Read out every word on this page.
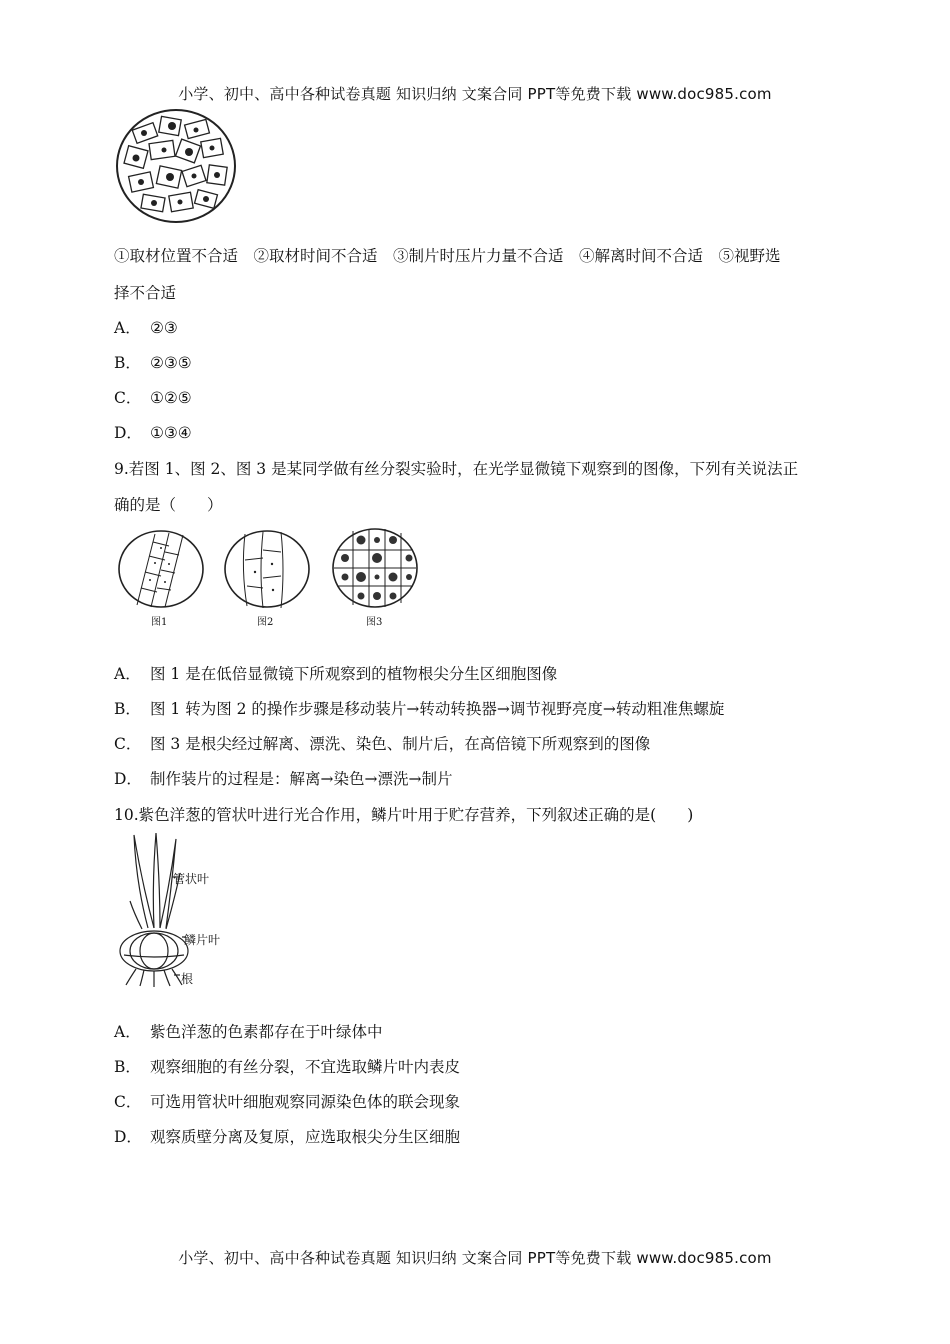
小学、初中、高中各种试卷真题 知识归纳 文案合同 PPT等免费下载 www.doc985.com
①取材位置不合适　②取材时间不合适　③制片时压片力量不合适　④解离时间不合适　⑤视野选
择不合适
A． ②③
B． ②③⑤
C． ①②⑤
D． ①③④
9.若图 1、图 2、图 3 是某同学做有丝分裂实验时，在光学显微镜下观察到的图像，下列有关说法正
确的是（　　）
图1	图2	图3
A． 图 1 是在低倍显微镜下所观察到的植物根尖分生区细胞图像
B． 图 1 转为图 2 的操作步骤是移动装片→转动转换器→调节视野亮度→转动粗准焦螺旋
C． 图 3 是根尖经过解离、漂洗、染色、制片后，在高倍镜下所观察到的图像
D． 制作装片的过程是：解离→染色→漂洗→制片
10.紫色洋葱的管状叶进行光合作用，鳞片叶用于贮存营养，下列叙述正确的是(　　)
管状叶
鳞片叶
根
A． 紫色洋葱的色素都存在于叶绿体中
B． 观察细胞的有丝分裂，不宜选取鳞片叶内表皮
C． 可选用管状叶细胞观察同源染色体的联会现象
D． 观察质壁分离及复原，应选取根尖分生区细胞
小学、初中、高中各种试卷真题 知识归纳 文案合同 PPT等免费下载 www.doc985.com
